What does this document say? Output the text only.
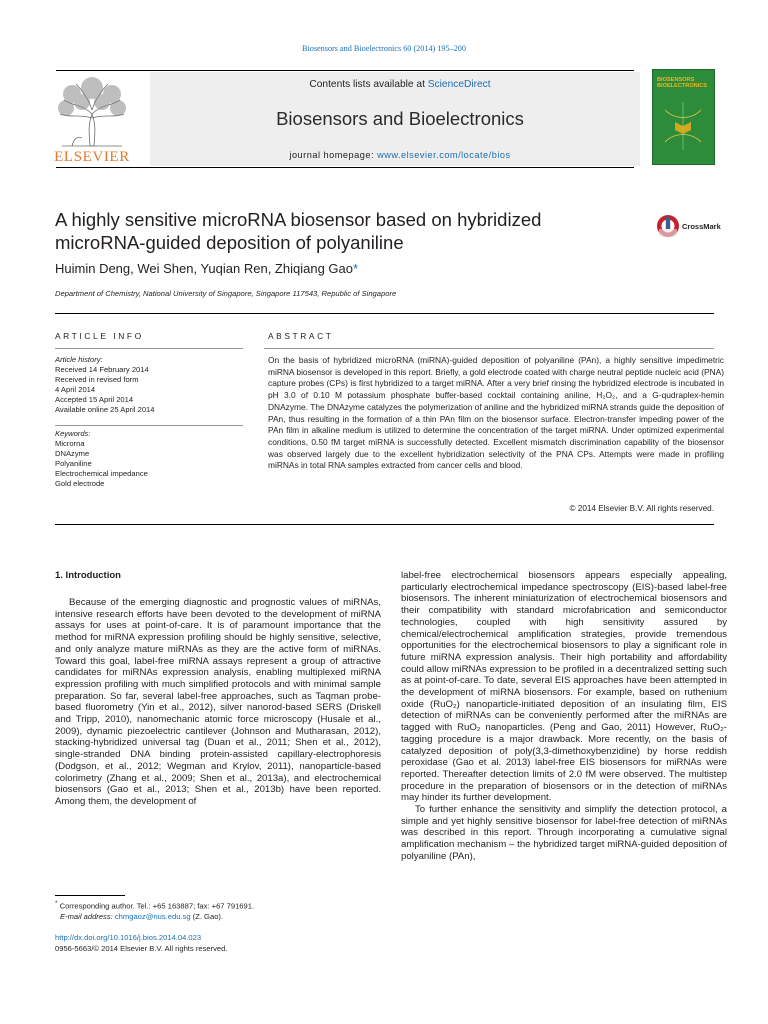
Biosensors and Bioelectronics 60 (2014) 195–200
ELSEVIER
Contents lists available at ScienceDirect
Biosensors and Bioelectronics
journal homepage: www.elsevier.com/locate/bios
BIOSENSORS BIOELECTRONICS

A highly sensitive microRNA biosensor based on hybridized microRNA-guided deposition of polyaniline
CrossMark
Huimin Deng, Wei Shen, Yuqian Ren, Zhiqiang Gao*
Department of Chemistry, National University of Singapore, Singapore 117543, Republic of Singapore
ARTICLE INFO
Article history:
Received 14 February 2014
Received in revised form
4 April 2014
Accepted 15 April 2014
Available online 25 April 2014
Keywords:
Microrna
DNAzyme
Polyaniline
Electrochemical impedance
Gold electrode
ABSTRACT
On the basis of hybridized microRNA (miRNA)-guided deposition of polyaniline (PAn), a highly sensitive impedimetric miRNA biosensor is developed in this report. Briefly, a gold electrode coated with charge neutral peptide nucleic acid (PNA) capture probes (CPs) is first hybridized to a target miRNA. After a very brief rinsing the hybridized electrode is incubated in pH 3.0 of 0.10 M potassium phosphate buffer-based cocktail containing aniline, H₂O₂, and a G-qudraplex-hemin DNAzyme. The DNAzyme catalyzes the polymerization of aniline and the hybridized miRNA strands guide the deposition of PAn, thus resulting in the formation of a thin PAn film on the biosensor surface. Electron-transfer impeding power of the PAn film in alkaline medium is utilized to determine the concentration of the target miRNA. Under optimized experimental conditions, 0.50 fM target miRNA is successfully detected. Excellent mismatch discrimination capability of the biosensor was observed largely due to the excellent hybridization selectivity of the PNA CPs. Attempts were made in profiling miRNAs in total RNA samples extracted from cancer cells and blood.
© 2014 Elsevier B.V. All rights reserved.
1. Introduction

Because of the emerging diagnostic and prognostic values of miRNAs, intensive research efforts have been devoted to the development of miRNA assays for uses at point-of-care. It is of paramount importance that the method for miRNA expression profiling should be highly sensitive, selective, and only analyze mature miRNAs as they are the active form of miRNAs. Toward this goal, label-free miRNA assays represent a group of attractive candidates for miRNAs expression analysis, enabling multiplexed miRNA expression profiling with much simplified protocols and with minimal sample preparation. So far, several label-free approaches, such as Taqman probe-based fluorometry (Yin et al., 2012), silver nanorod-based SERS (Driskell and Tripp, 2010), nanomechanic atomic force microscopy (Husale et al., 2009), dynamic piezoelectric cantilever (Johnson and Mutharasan, 2012), stacking-hybridized universal tag (Duan et al., 2011; Shen et al., 2012), single-stranded DNA binding protein-assisted capillary-electrophoresis (Dodgson, et al., 2012; Wegman and Krylov, 2011), nanoparticle-based colorimetry (Zhang et al., 2009; Shen et al., 2013a), and electrochemical biosensors (Gao et al., 2013; Shen et al., 2013b) have been reported. Among them, the development of

label-free electrochemical biosensors appears especially appealing, particularly electrochemical impedance spectroscopy (EIS)-based label-free biosensors. The inherent miniaturization of electrochemical biosensors and their compatibility with standard microfabrication and semiconductor technologies, coupled with high sensitivity assured by chemical/electrochemical amplification strategies, provide tremendous opportunities for the electrochemical biosensors to play a significant role in future miRNA expression analysis. Their high portability and affordability could allow miRNAs expression to be profiled in a decentralized setting such as at point-of-care. To date, several EIS approaches have been attempted in the development of miRNA biosensors. For example, based on ruthenium oxide (RuO₂) nanoparticle-initiated deposition of an insulating film, EIS detection of miRNAs can be conveniently performed after the miRNAs are tagged with RuO₂ nanoparticles. (Peng and Gao, 2011) However, RuO₂-tagging procedure is a major drawback. More recently, on the basis of catalyzed deposition of poly(3,3-dimethoxybenzidine) by horse reddish peroxidase (Gao et al. 2013) label-free EIS biosensors for miRNAs were reported. Thereafter detection limits of 2.0 fM were observed. The multistep procedure in the preparation of biosensors or in the detection of miRNAs may hinder its further development.

To further enhance the sensitivity and simplify the detection protocol, a simple and yet highly sensitive biosensor for label-free detection of miRNAs was described in this report. Through incorporating a cumulative signal amplification mechanism – the hybridized target miRNA-guided deposition of polyaniline (PAn),

* Corresponding author. Tel.: +65 163887; fax: +67 791691.
E-mail address: chmgaoz@nus.edu.sg (Z. Gao).
http://dx.doi.org/10.1016/j.bios.2014.04.023
0956-5663/© 2014 Elsevier B.V. All rights reserved.
